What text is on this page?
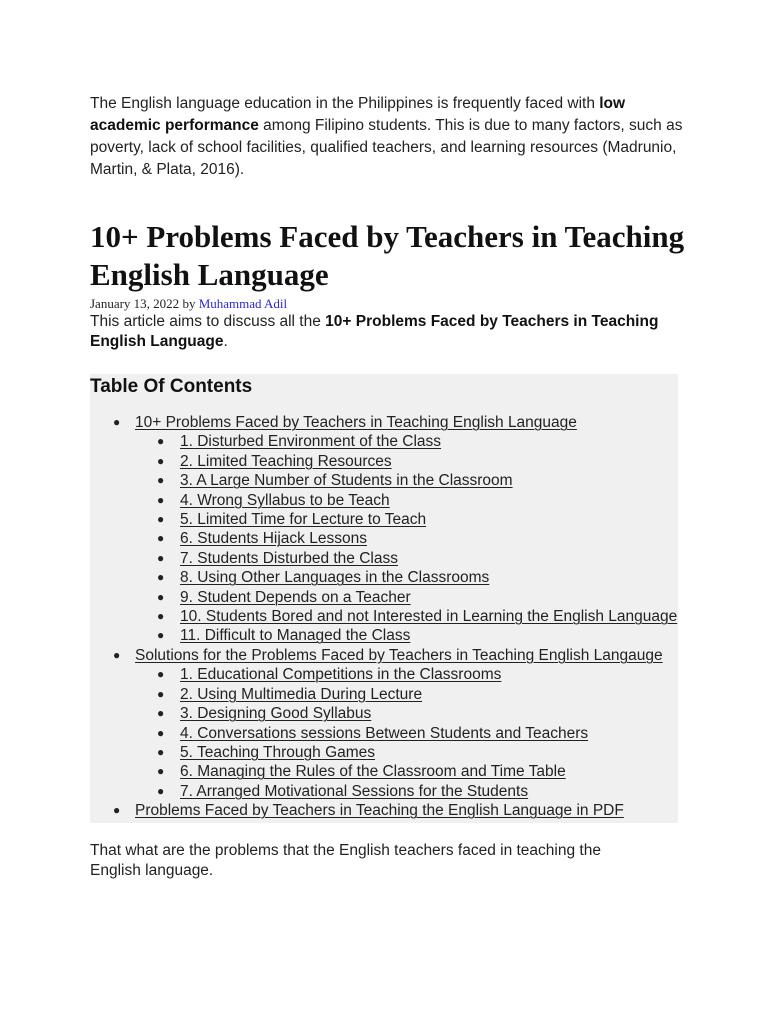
The English language education in the Philippines is frequently faced with low academic performance among Filipino students. This is due to many factors, such as poverty, lack of school facilities, qualified teachers, and learning resources (Madrunio, Martin, & Plata, 2016).

10+ Problems Faced by Teachers in Teaching English Language
January 13, 2022 by Muhammad Adil

This article aims to discuss all the 10+ Problems Faced by Teachers in Teaching English Language.

Table Of Contents
● 10+ Problems Faced by Teachers in Teaching English Language
● 1. Disturbed Environment of the Class
● 2. Limited Teaching Resources
● 3. A Large Number of Students in the Classroom
● 4. Wrong Syllabus to be Teach
● 5. Limited Time for Lecture to Teach
● 6. Students Hijack Lessons
● 7. Students Disturbed the Class
● 8. Using Other Languages in the Classrooms
● 9. Student Depends on a Teacher
● 10. Students Bored and not Interested in Learning the English Language
● 11. Difficult to Managed the Class
● Solutions for the Problems Faced by Teachers in Teaching English Langauge
● 1. Educational Competitions in the Classrooms
● 2. Using Multimedia During Lecture
● 3. Designing Good Syllabus
● 4. Conversations sessions Between Students and Teachers
● 5. Teaching Through Games
● 6. Managing the Rules of the Classroom and Time Table
● 7. Arranged Motivational Sessions for the Students
● Problems Faced by Teachers in Teaching the English Language in PDF

That what are the problems that the English teachers faced in teaching the English language.
